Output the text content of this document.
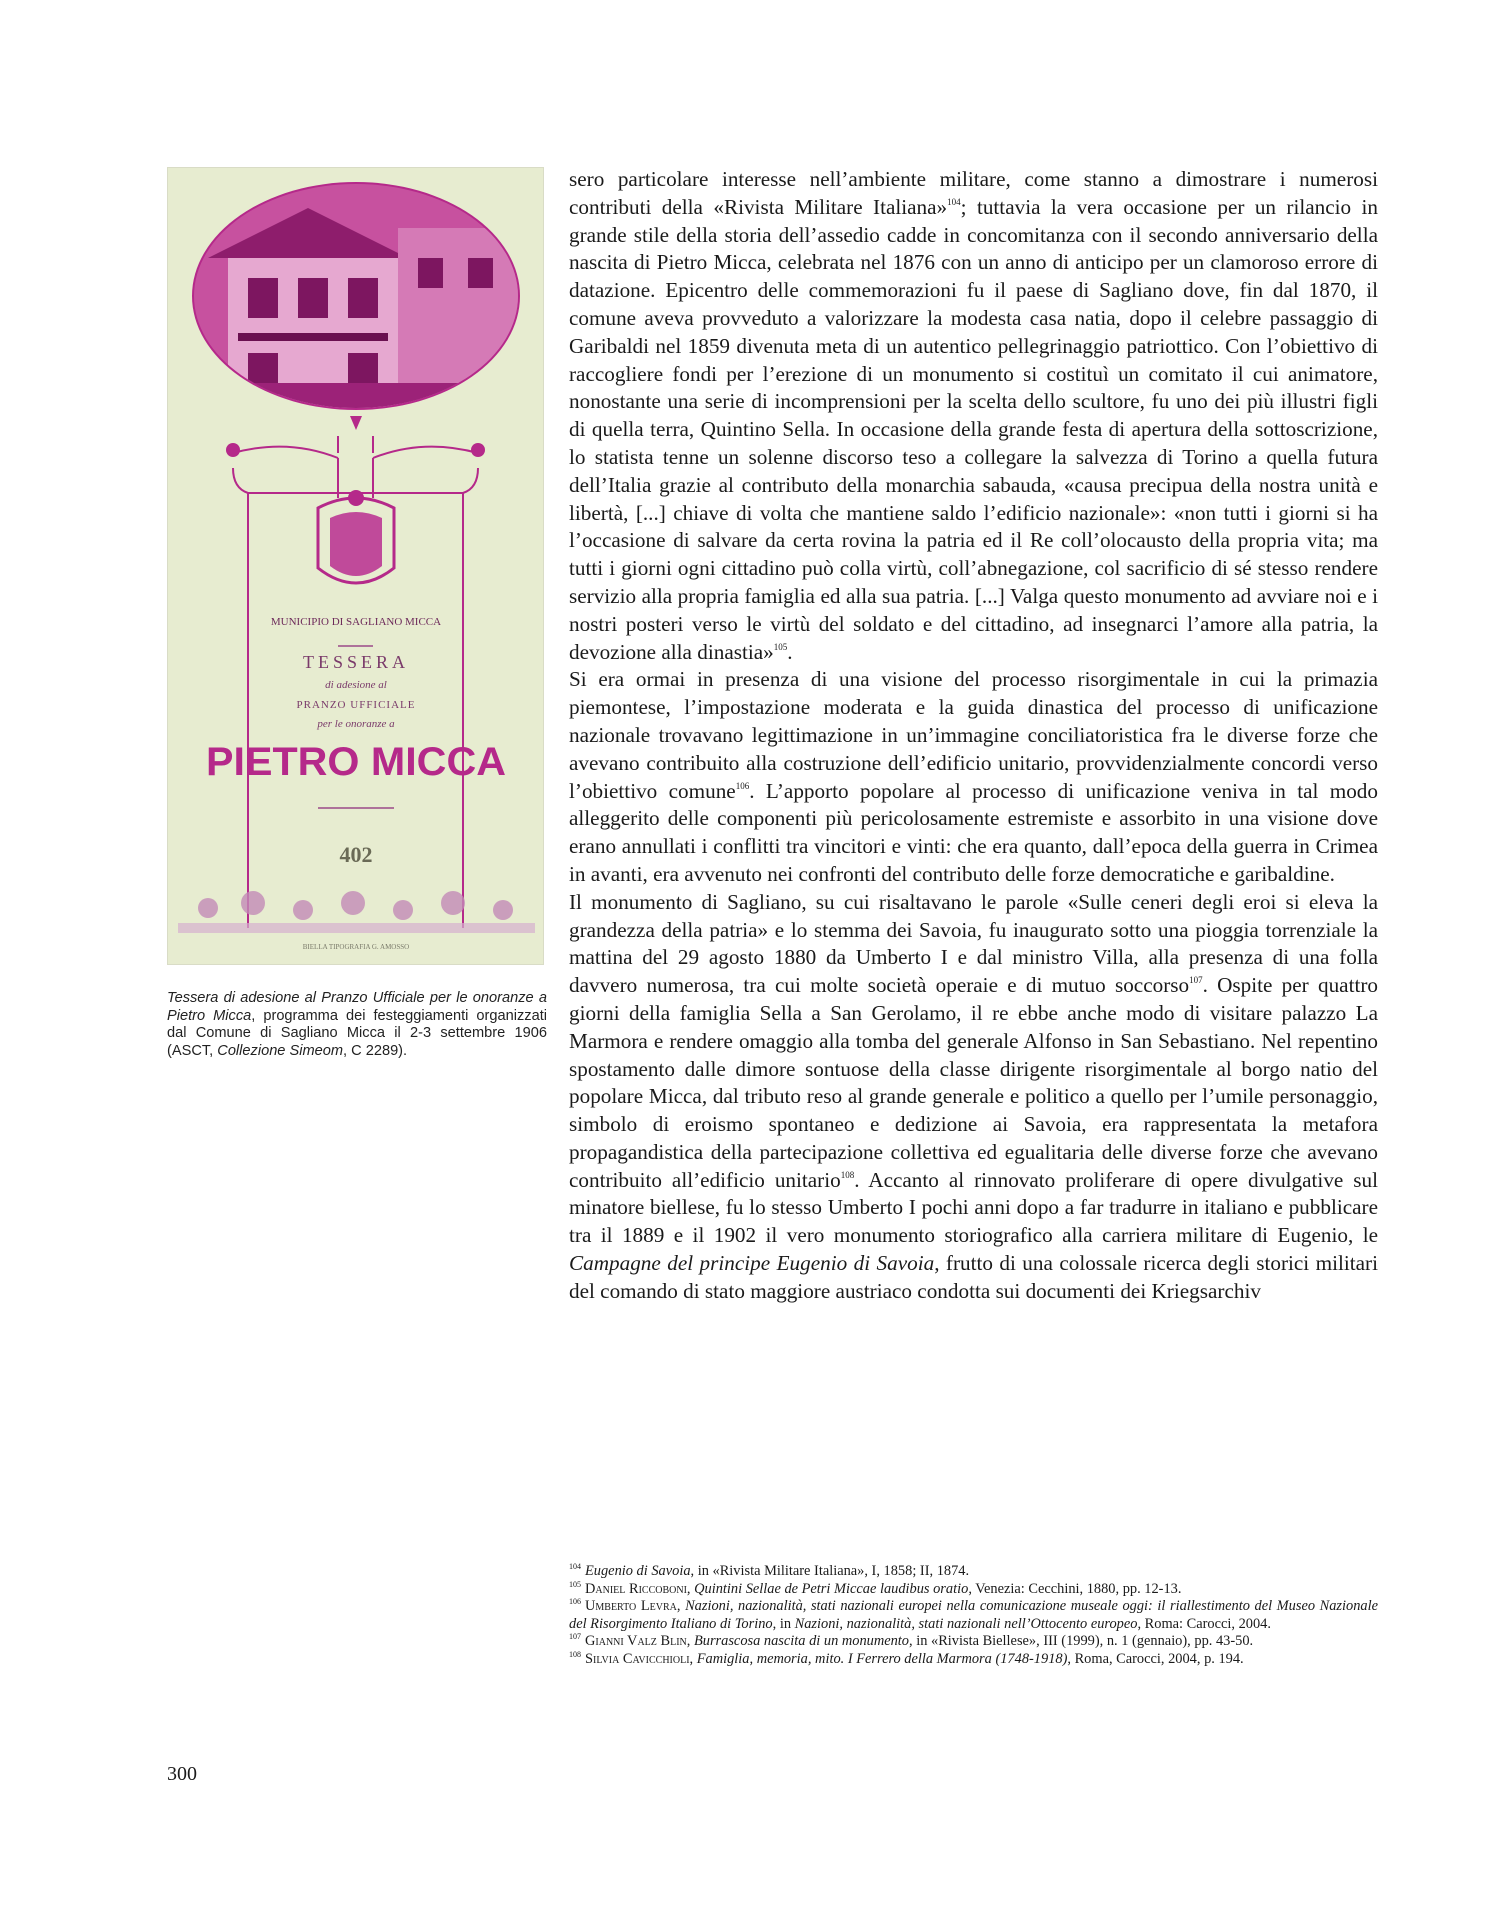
MUNICIPIO DI SAGLIANO MICCA
TESSERA
di adesione al
PRANZO UFFICIALE
per le onoranze a
PIETRO MICCA
402
BIELLA TIPOGRAFIA G. AMOSSO
Tessera di adesione al Pranzo Ufficiale per le onoranze a Pietro Micca, programma dei festeggiamenti organizzati dal Comune di Sagliano Micca il 2-3 settembre 1906 (ASCT, Collezione Simeom, C 2289).

sero particolare interesse nell’ambiente militare, come stanno a dimostrare i numerosi contributi della «Rivista Militare Italiana»$^{104}$; tuttavia la vera occasione per un rilancio in grande stile della storia dell’assedio cadde in concomitanza con il secondo anniversario della nascita di Pietro Micca, celebrata nel 1876 con un anno di anticipo per un clamoroso errore di datazione. Epicentro delle commemorazioni fu il paese di Sagliano dove, fin dal 1870, il comune aveva provveduto a valorizzare la modesta casa natia, dopo il celebre passaggio di Garibaldi nel 1859 divenuta meta di un autentico pellegrinaggio patriottico. Con l’obiettivo di raccogliere fondi per l’erezione di un monumento si costituì un comitato il cui animatore, nonostante una serie di incomprensioni per la scelta dello scultore, fu uno dei più illustri figli di quella terra, Quintino Sella. In occasione della grande festa di apertura della sottoscrizione, lo statista tenne un solenne discorso teso a collegare la salvezza di Torino a quella futura dell’Italia grazie al contributo della monarchia sabauda, «causa precipua della nostra unità e libertà, [...] chiave di volta che mantiene saldo l’edificio nazionale»: «non tutti i giorni si ha l’occasione di salvare da certa rovina la patria ed il Re coll’olocausto della propria vita; ma tutti i giorni ogni cittadino può colla virtù, coll’abnegazione, col sacrificio di sé stesso rendere servizio alla propria famiglia ed alla sua patria. [...] Valga questo monumento ad avviare noi e i nostri posteri verso le virtù del soldato e del cittadino, ad insegnarci l’amore alla patria, la devozione alla dinastia»$^{105}$.

Si era ormai in presenza di una visione del processo risorgimentale in cui la primazia piemontese, l’impostazione moderata e la guida dinastica del processo di unificazione nazionale trovavano legittimazione in un’immagine conciliatoristica fra le diverse forze che avevano contribuito alla costruzione dell’edificio unitario, provvidenzialmente concordi verso l’obiettivo comune$^{106}$. L’apporto popolare al processo di unificazione veniva in tal modo alleggerito delle componenti più pericolosamente estremiste e assorbito in una visione dove erano annullati i conflitti tra vincitori e vinti: che era quanto, dall’epoca della guerra in Crimea in avanti, era avvenuto nei confronti del contributo delle forze democratiche e garibaldine.

Il monumento di Sagliano, su cui risaltavano le parole «Sulle ceneri degli eroi si eleva la grandezza della patria» e lo stemma dei Savoia, fu inaugurato sotto una pioggia torrenziale la mattina del 29 agosto 1880 da Umberto I e dal ministro Villa, alla presenza di una folla davvero numerosa, tra cui molte società operaie e di mutuo soccorso$^{107}$. Ospite per quattro giorni della famiglia Sella a San Gerolamo, il re ebbe anche modo di visitare palazzo La Marmora e rendere omaggio alla tomba del generale Alfonso in San Sebastiano. Nel repentino spostamento dalle dimore sontuose della classe dirigente risorgimentale al borgo natio del popolare Micca, dal tributo reso al grande generale e politico a quello per l’umile personaggio, simbolo di eroismo spontaneo e dedizione ai Savoia, era rappresentata la metafora propagandistica della partecipazione collettiva ed egualitaria delle diverse forze che avevano contribuito all’edificio unitario$^{108}$. Accanto al rinnovato proliferare di opere divulgative sul minatore biellese, fu lo stesso Umberto I pochi anni dopo a far tradurre in italiano e pubblicare tra il 1889 e il 1902 il vero monumento storiografico alla carriera militare di Eugenio, le Campagne del principe Eugenio di Savoia, frutto di una colossale ricerca degli storici militari del comando di stato maggiore austriaco condotta sui documenti dei Kriegsarchiv

$^{104}$ Eugenio di Savoia, in «Rivista Militare Italiana», I, 1858; II, 1874.

$^{105}$ Daniel Riccoboni, Quintini Sellae de Petri Miccae laudibus oratio, Venezia: Cecchini, 1880, pp. 12-13.

$^{106}$ Umberto Levra, Nazioni, nazionalità, stati nazionali europei nella comunicazione museale oggi: il riallestimento del Museo Nazionale del Risorgimento Italiano di Torino, in Nazioni, nazionalità, stati nazionali nell’Ottocento europeo, Roma: Carocci, 2004.

$^{107}$ Gianni Valz Blin, Burrascosa nascita di un monumento, in «Rivista Biellese», III (1999), n. 1 (gennaio), pp. 43-50.

$^{108}$ Silvia Cavicchioli, Famiglia, memoria, mito. I Ferrero della Marmora (1748-1918), Roma, Carocci, 2004, p. 194.

300
